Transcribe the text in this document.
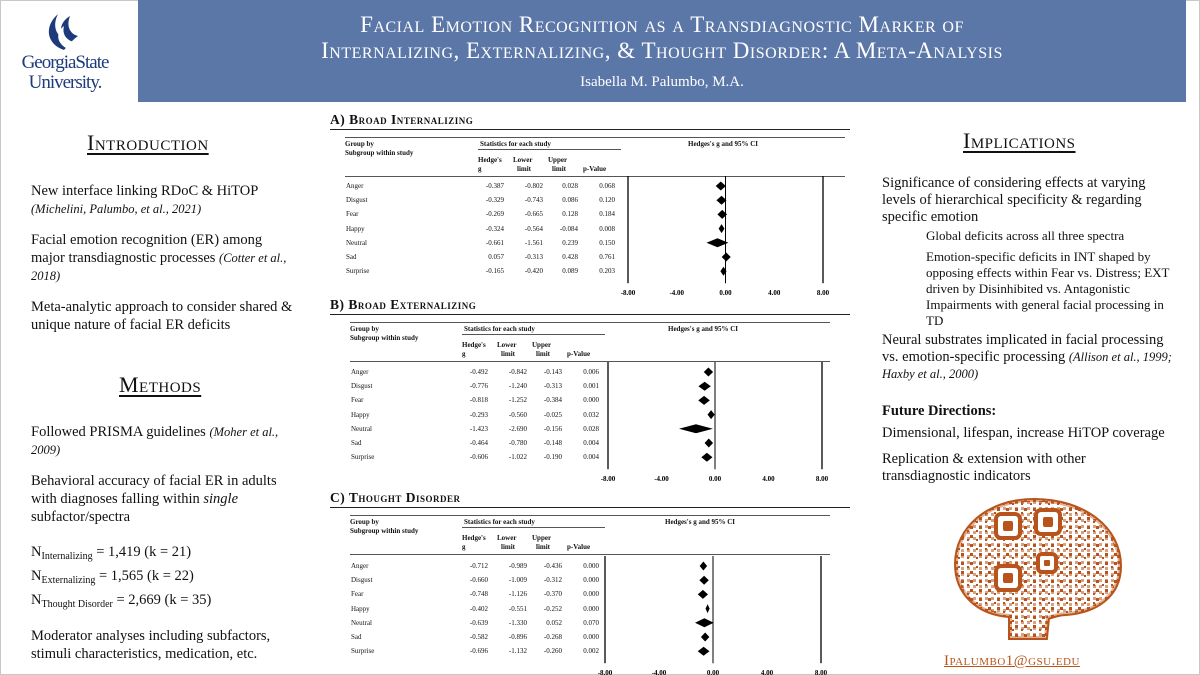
GeorgiaState
University.
Facial Emotion Recognition as a Transdiagnostic Marker of
Internalizing, Externalizing, & Thought Disorder: A Meta-Analysis
Isabella M. Palumbo, M.A.
Introduction
New interface linking RDoC & HiTOP
(Michelini, Palumbo, et al., 2021)
Facial emotion recognition (ER) among major transdiagnostic processes (Cotter et al., 2018)
Meta-analytic approach to consider shared & unique nature of facial ER deficits
Methods
Followed PRISMA guidelines (Moher et al., 2009)
Behavioral accuracy of facial ER in adults with diagnoses falling within single subfactor/spectra
$N_{Internalizing} = 1,419$ (k = 21)
$N_{Externalizing} = 1,565$ (k = 22)
$N_{Thought Disorder} = 2,669$ (k = 35)
Moderator analyses including subfactors, stimuli characteristics, medication, etc.
A) Broad Internalizing
Group by
Subgroup within study
Statistics for each study	Hedges's g and 95% CI
Hedge's
g
Lower
limit
Upper
limit p-Value
Anger	-0.387	-0.802	0.028	0.068
Disgust	-0.329	-0.743	0.086	0.120
Fear	-0.269	-0.665	0.128	0.184
Happy	-0.324	-0.564	-0.084	0.008
Neutral	-0.661	-1.561	0.239	0.150
Sad	0.057	-0.313	0.428	0.761
Surprise	-0.165	-0.420	0.089	0.203
-8.00	-4.00	0.00	4.00	8.00
B) Broad Externalizing
Group by
Subgroup within study
Statistics for each study	Hedges's g and 95% CI
Hedge's
g
Lower
limit
Upper
limit p-Value
Anger	-0.492	-0.842	-0.143	0.006
Disgust	-0.776	-1.240	-0.313	0.001
Fear	-0.818	-1.252	-0.384	0.000
Happy	-0.293	-0.560	-0.025	0.032
Neutral	-1.423	-2.690	-0.156	0.028
Sad	-0.464	-0.780	-0.148	0.004
Surprise	-0.606	-1.022	-0.190	0.004
-8.00	-4.00	0.00	4.00	8.00
C) Thought Disorder
Group by
Subgroup within study
Statistics for each study	Hedges's g and 95% CI
Hedge's
g
Lower
limit
Upper
limit p-Value
Anger	-0.712	-0.989	-0.436	0.000
Disgust	-0.660	-1.009	-0.312	0.000
Fear	-0.748	-1.126	-0.370	0.000
Happy	-0.402	-0.551	-0.252	0.000
Neutral	-0.639	-1.330	0.052	0.070
Sad	-0.582	-0.896	-0.268	0.000
Surprise	-0.696	-1.132	-0.260	0.002
-8.00	-4.00	0.00	4.00	8.00
Implications
Significance of considering effects at varying levels of hierarchical specificity & regarding specific emotion
Global deficits across all three spectra
Emotion-specific deficits in INT shaped by opposing effects within Fear vs. Distress; EXT driven by Disinhibited vs. Antagonistic
Impairments with general facial processing in TD
Neural substrates implicated in facial processing vs. emotion-specific processing (Allison et al., 1999; Haxby et al., 2000)
Future Directions:
Dimensional, lifespan, increase HiTOP coverage
Replication & extension with other transdiagnostic indicators
Ipalumbo1@gsu.edu
